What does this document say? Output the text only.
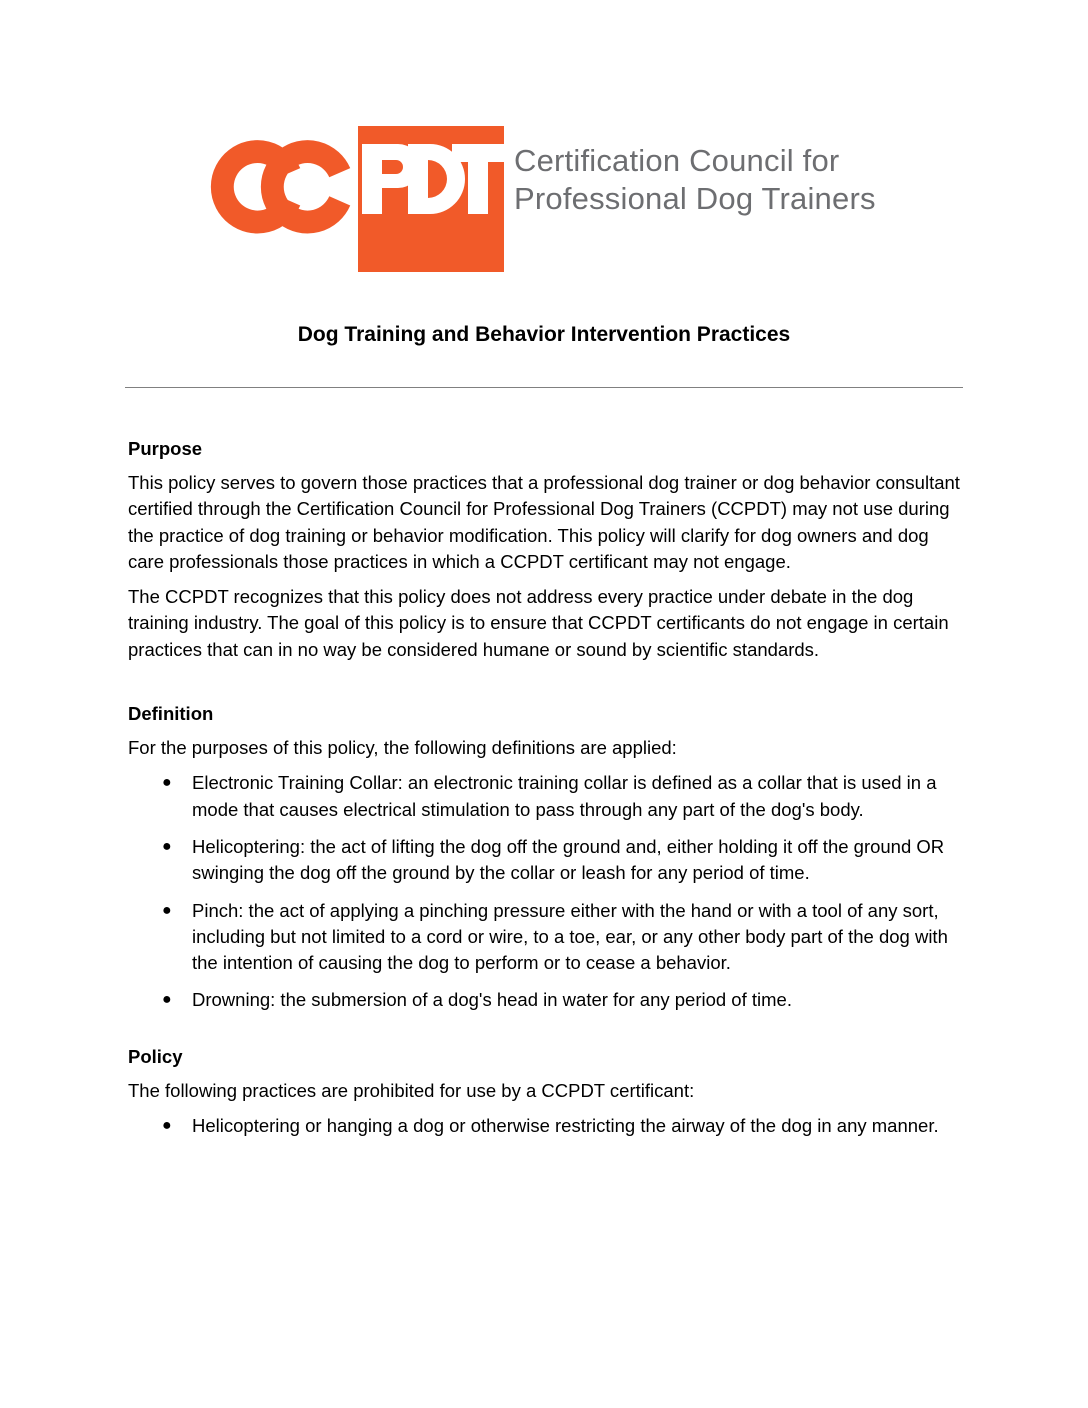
Certification Council for
Professional Dog Trainers
Dog Training and Behavior Intervention Practices
Purpose

This policy serves to govern those practices that a professional dog trainer or dog behavior consultant certified through the Certification Council for Professional Dog Trainers (CCPDT) may not use during the practice of dog training or behavior modification. This policy will clarify for dog owners and dog care professionals those practices in which a CCPDT certificant may not engage.

The CCPDT recognizes that this policy does not address every practice under debate in the dog training industry. The goal of this policy is to ensure that CCPDT certificants do not engage in certain practices that can in no way be considered humane or sound by scientific standards.

Definition

For the purposes of this policy, the following definitions are applied:

● Electronic Training Collar: an electronic training collar is defined as a collar that is used in a mode that causes electrical stimulation to pass through any part of the dog's body.
● Helicoptering: the act of lifting the dog off the ground and, either holding it off the ground OR swinging the dog off the ground by the collar or leash for any period of time.
● Pinch: the act of applying a pinching pressure either with the hand or with a tool of any sort, including but not limited to a cord or wire, to a toe, ear, or any other body part of the dog with the intention of causing the dog to perform or to cease a behavior.
● Drowning: the submersion of a dog's head in water for any period of time.
Policy

The following practices are prohibited for use by a CCPDT certificant:

● Helicoptering or hanging a dog or otherwise restricting the airway of the dog in any manner.
